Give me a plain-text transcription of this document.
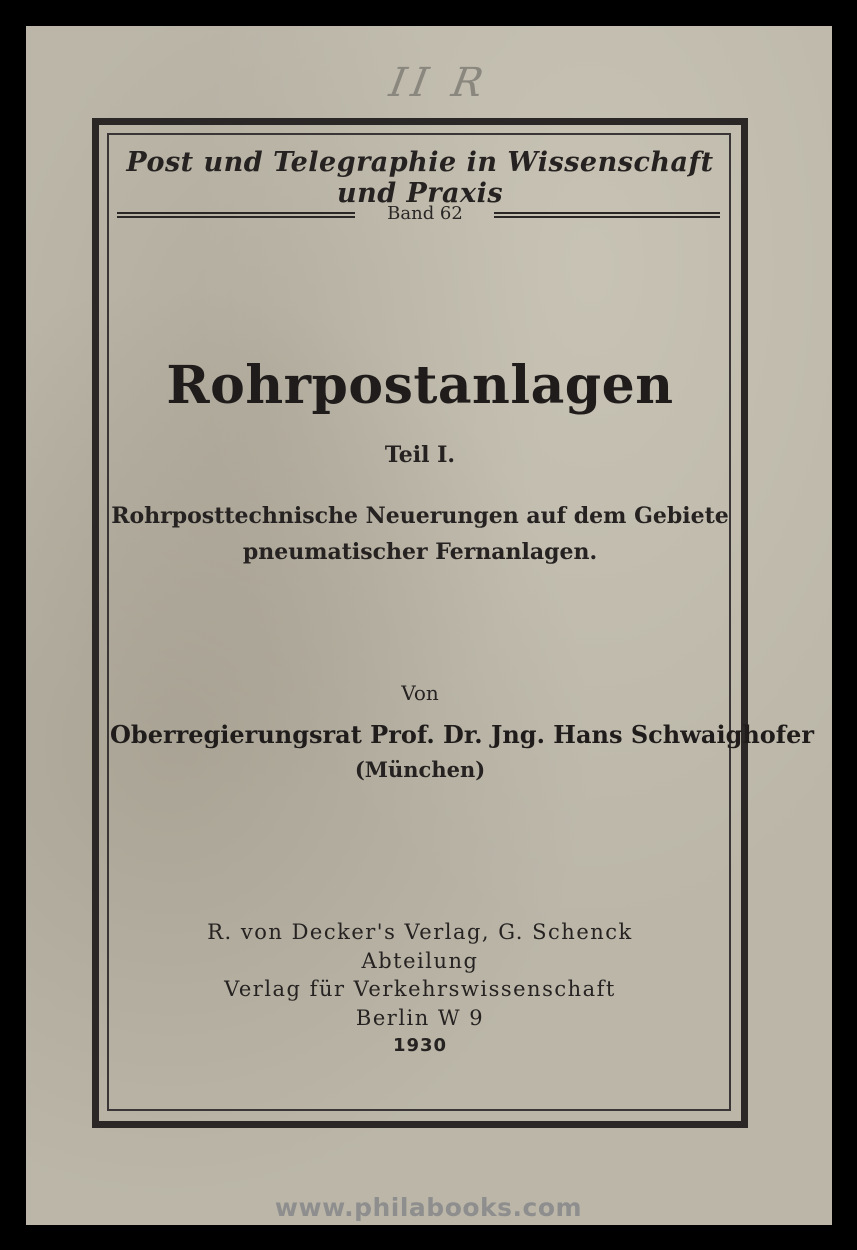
II R
Post und Telegraphie in Wissenschaft und Praxis
Band 62
Rohrpostanlagen
Teil I.
Rohrposttechnische Neuerungen auf dem Gebiete
pneumatischer Fernanlagen.
Von
Oberregierungsrat Prof. Dr. Jng. Hans Schwaighofer
(München)
R. von Decker's Verlag, G. Schenck
Abteilung
Verlag für Verkehrswissenschaft
Berlin W 9
1930
www.philabooks.com
